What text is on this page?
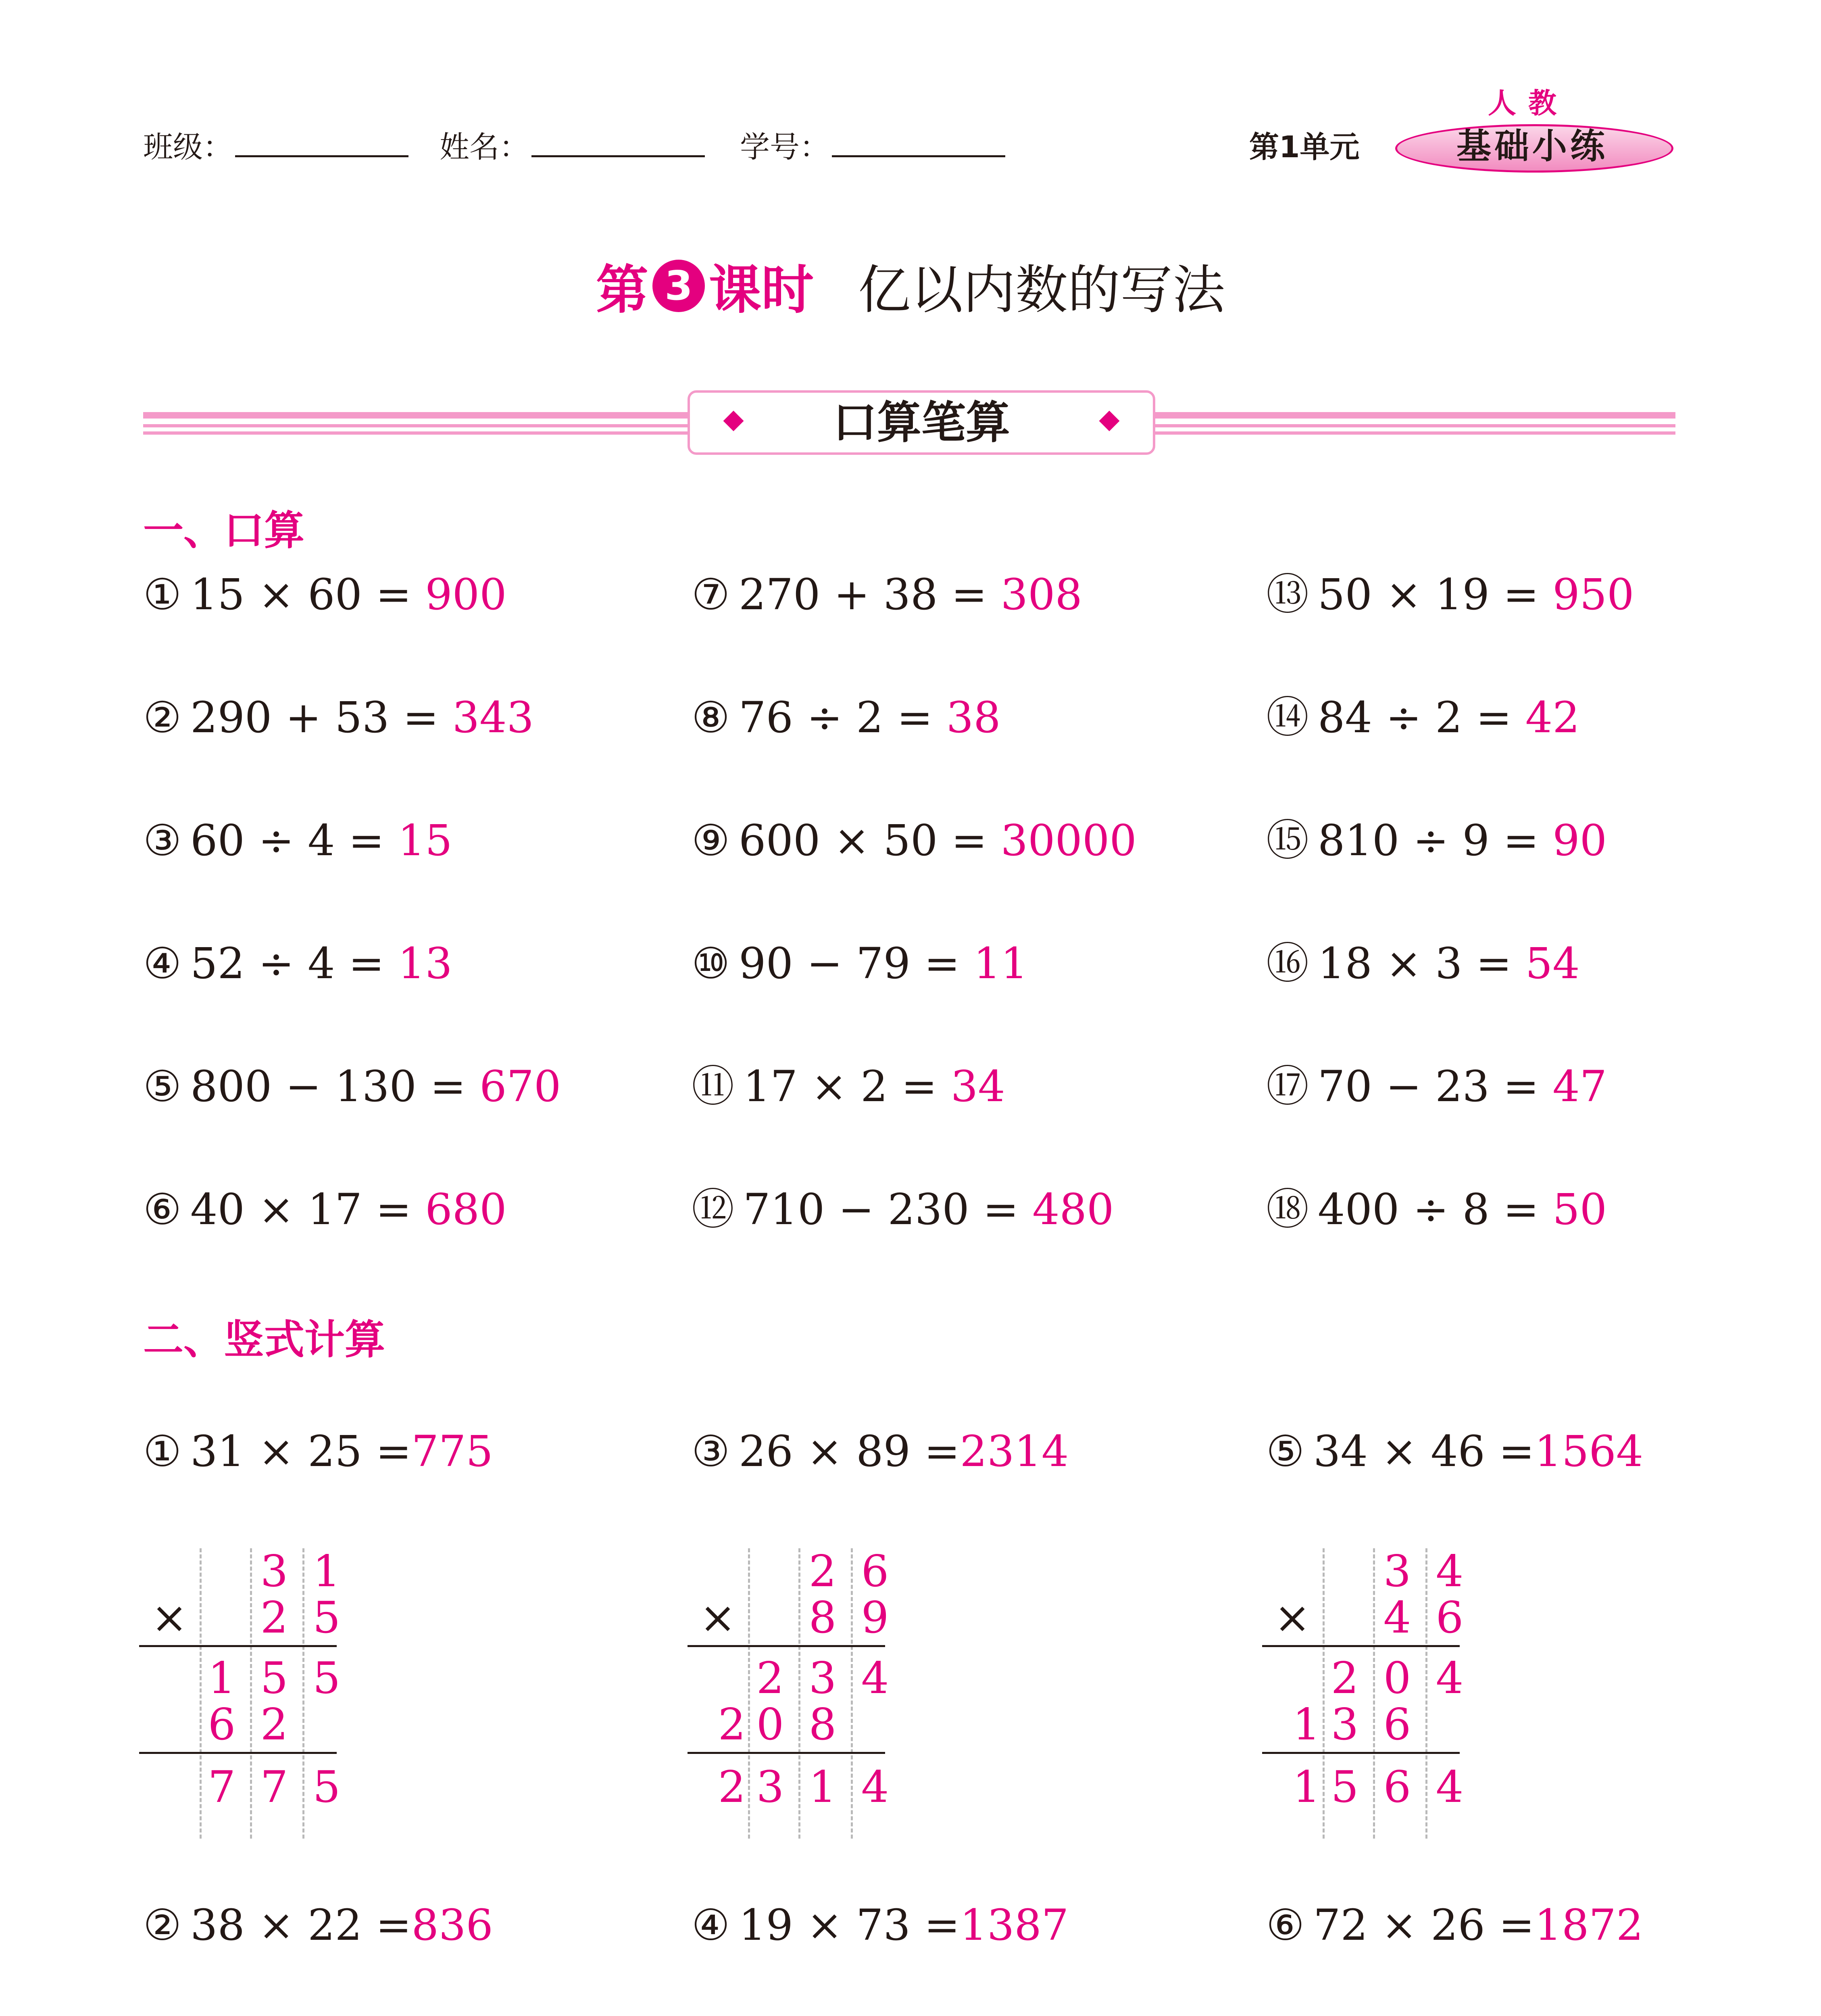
班级：	姓名：	学号：	第1单元
人教
基础小练
第 3 课时 亿以内数的写法
口算笔算
一、口算
① 15 × 60 = 900
② 290 + 53 = 343
③ 60 ÷ 4 = 15
④ 52 ÷ 4 = 13
⑤ 800 − 130 = 670
⑥ 40 × 17 = 680
⑦ 270 + 38 = 308
⑧ 76 ÷ 2 = 38
⑨ 600 × 50 = 30000
⑩ 90 − 79 = 11
⑪ 17 × 2 = 34
⑫ 710 − 230 = 480
⑬ 50 × 19 = 950
⑭ 84 ÷ 2 = 42
⑮ 810 ÷ 9 = 90
⑯ 18 × 3 = 54
⑰ 70 − 23 = 47
⑱ 400 ÷ 8 = 50
二、竖式计算
① 31 × 25 =775
×
3 1
2 5
1 5 5
6 2
7 7 5
② 38 × 22 =836
③ 26 × 89 =2314
×
2 6
8 9
2 3 4
2 0 8
2 3 1 4
④ 19 × 73 =1387
⑤ 34 × 46 =1564
×
3 4
4 6
2 0 4
1 3 6
1 5 6 4
⑥ 72 × 26 =1872
